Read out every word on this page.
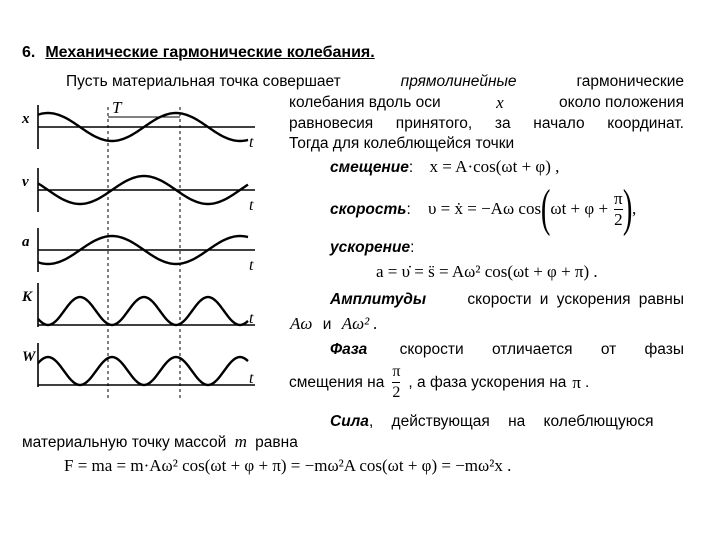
6. Механические гармонические колебания.
Пусть материальная точка совершает	прямолинейные	гармонические
колебания вдоль оси	x	около положения
равновесия принятого, за начало координат.
Тогда для колеблющейся точки
смещение: x = A·cos(ωt + φ) ,
скорость: υ = ẋ = −Aω cos ( $\omega t + \varphi + \frac{\pi}{2}$ ) ,
ускорение:
a = υ̇ = s̈ = Aω² cos(ωt + φ + π) .
Амплитуды	скорости и ускорения равны
Aω и Aω² .
Фаза скорости отличается от фазы
смещения на $\frac{\pi}{2}$ , а фаза ускорения на π .
Сила, действующая на колеблющуюся
материальную точку массой m равна
F = ma = m·Aω² cos(ωt + φ + π) = −mω²A cos(ωt + φ) = −mω²x .
x
t
v
t
a
t
K
t
W
t
T
